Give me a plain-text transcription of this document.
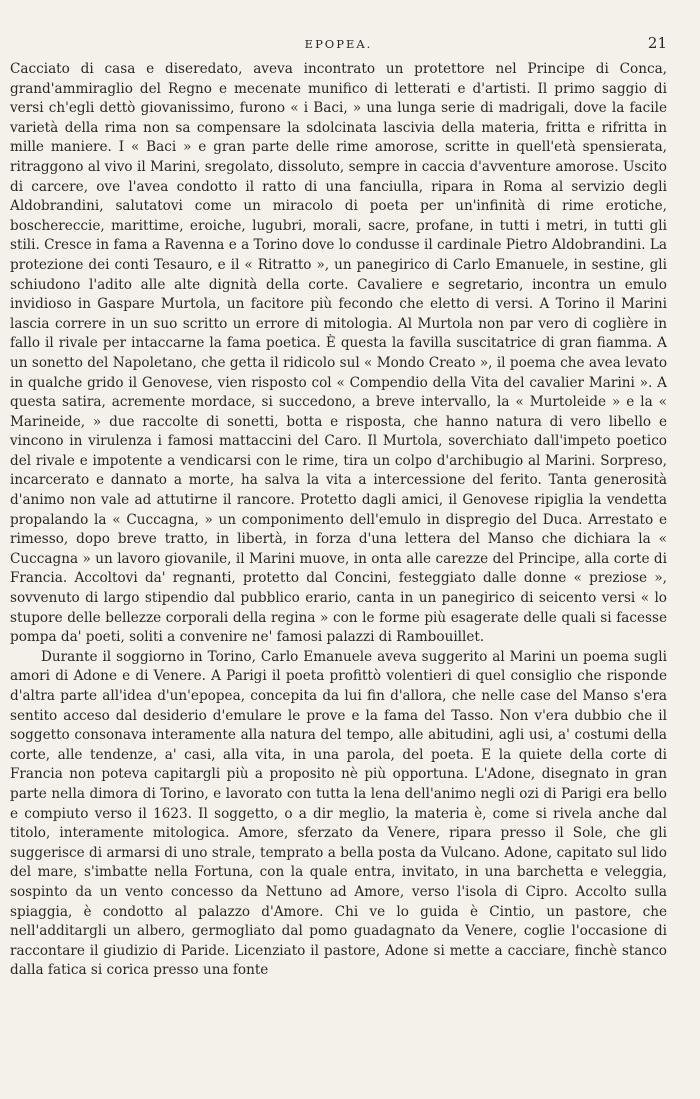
EPOPEA.	21

Cacciato di casa e diseredato, aveva incontrato un protettore nel Principe di Conca, grand'ammiraglio del Regno e mecenate munifico di letterati e d'artisti. Il primo saggio di versi ch'egli dettò giovanissimo, furono « i Baci, » una lunga serie di madrigali, dove la facile varietà della rima non sa compensare la sdolcinata lascivia della materia, fritta e rifritta in mille maniere. I « Baci » e gran parte delle rime amorose, scritte in quell'età spensierata, ritraggono al vivo il Marini, sregolato, dissoluto, sempre in caccia d'avventure amorose. Uscito di carcere, ove l'avea condotto il ratto di una fanciulla, ripara in Roma al servizio degli Aldobrandini, salutatovi come un miracolo di poeta per un'infinità di rime erotiche, boschereccie, marittime, eroiche, lugubri, morali, sacre, profane, in tutti i metri, in tutti gli stili. Cresce in fama a Ravenna e a Torino dove lo condusse il cardinale Pietro Aldobrandini. La protezione dei conti Tesauro, e il « Ritratto », un panegirico di Carlo Emanuele, in sestine, gli schiudono l'adito alle alte dignità della corte. Cavaliere e segretario, incontra un emulo invidioso in Gaspare Murtola, un facitore più fecondo che eletto di versi. A Torino il Marini lascia correre in un suo scritto un errore di mitologia. Al Murtola non par vero di coglière in fallo il rivale per intaccarne la fama poetica. È questa la favilla suscitatrice di gran fiamma. A un sonetto del Napoletano, che getta il ridicolo sul « Mondo Creato », il poema che avea levato in qualche grido il Genovese, vien risposto col « Compendio della Vita del cavalier Marini ». A questa satira, acremente mordace, si succedono, a breve intervallo, la « Murtoleide » e la « Marineide, » due raccolte di sonetti, botta e risposta, che hanno natura di vero libello e vincono in virulenza i famosi mattaccini del Caro. Il Murtola, soverchiato dall'impeto poetico del rivale e impotente a vendicarsi con le rime, tira un colpo d'archibugio al Marini. Sorpreso, incarcerato e dannato a morte, ha salva la vita a intercessione del ferito. Tanta generosità d'animo non vale ad attutirne il rancore. Protetto dagli amici, il Genovese ripiglia la vendetta propalando la « Cuccagna, » un componimento dell'emulo in dispregio del Duca. Arrestato e rimesso, dopo breve tratto, in libertà, in forza d'una lettera del Manso che dichiara la « Cuccagna » un lavoro giovanile, il Marini muove, in onta alle carezze del Principe, alla corte di Francia. Accoltovi da' regnanti, protetto dal Concini, festeggiato dalle donne « preziose », sovvenuto di largo stipendio dal pubblico erario, canta in un panegirico di seicento versi « lo stupore delle bellezze corporali della regina » con le forme più esagerate delle quali si facesse pompa da' poeti, soliti a convenire ne' famosi palazzi di Rambouillet.

Durante il soggiorno in Torino, Carlo Emanuele aveva suggerito al Marini un poema sugli amori di Adone e di Venere. A Parigi il poeta profittò volentieri di quel consiglio che risponde d'altra parte all'idea d'un'epopea, concepita da lui fin d'allora, che nelle case del Manso s'era sentito acceso dal desiderio d'emulare le prove e la fama del Tasso. Non v'era dubbio che il soggetto consonava interamente alla natura del tempo, alle abitudini, agli usi, a' costumi della corte, alle tendenze, a' casi, alla vita, in una parola, del poeta. E la quiete della corte di Francia non poteva capitargli più a proposito nè più opportuna. L'Adone, disegnato in gran parte nella dimora di Torino, e lavorato con tutta la lena dell'animo negli ozi di Parigi era bello e compiuto verso il 1623. Il soggetto, o a dir meglio, la materia è, come si rivela anche dal titolo, interamente mitologica. Amore, sferzato da Venere, ripara presso il Sole, che gli suggerisce di armarsi di uno strale, temprato a bella posta da Vulcano. Adone, capitato sul lido del mare, s'imbatte nella Fortuna, con la quale entra, invitato, in una barchetta e veleggia, sospinto da un vento concesso da Nettuno ad Amore, verso l'isola di Cipro. Accolto sulla spiaggia, è condotto al palazzo d'Amore. Chi ve lo guida è Cintio, un pastore, che nell'additargli un albero, germogliato dal pomo guadagnato da Venere, coglie l'occasione di raccontare il giudizio di Paride. Licenziato il pastore, Adone si mette a cacciare, finchè stanco dalla fatica si corica presso una fonte
